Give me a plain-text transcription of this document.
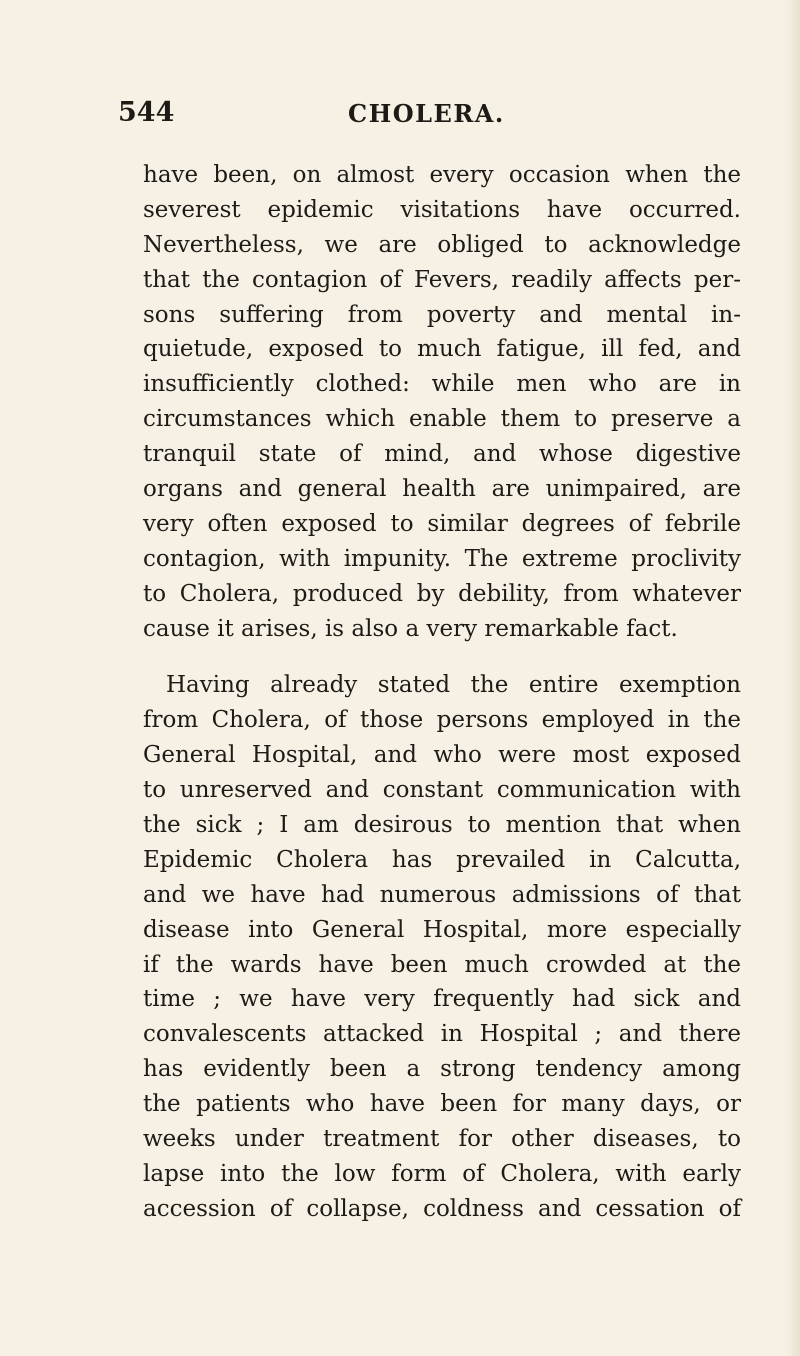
544	CHOLERA.
have been, on almost every occasion when the
severest epidemic visitations have occurred.
Nevertheless, we are obliged to acknowledge
that the contagion of Fevers, readily affects per-
sons suffering from poverty and mental in-
quietude, exposed to much fatigue, ill fed, and
insufficiently clothed: while men who are in
circumstances which enable them to preserve a
tranquil state of mind, and whose digestive
organs and general health are unimpaired, are
very often exposed to similar degrees of febrile
contagion, with impunity. The extreme proclivity
to Cholera, produced by debility, from whatever
cause it arises, is also a very remarkable fact.
Having already stated the entire exemption
from Cholera, of those persons employed in the
General Hospital, and who were most exposed
to unreserved and constant communication with
the sick ; I am desirous to mention that when
Epidemic Cholera has prevailed in Calcutta,
and we have had numerous admissions of that
disease into General Hospital, more especially
if the wards have been much crowded at the
time ; we have very frequently had sick and
convalescents attacked in Hospital ; and there
has evidently been a strong tendency among
the patients who have been for many days, or
weeks under treatment for other diseases, to
lapse into the low form of Cholera, with early
accession of collapse, coldness and cessation of
